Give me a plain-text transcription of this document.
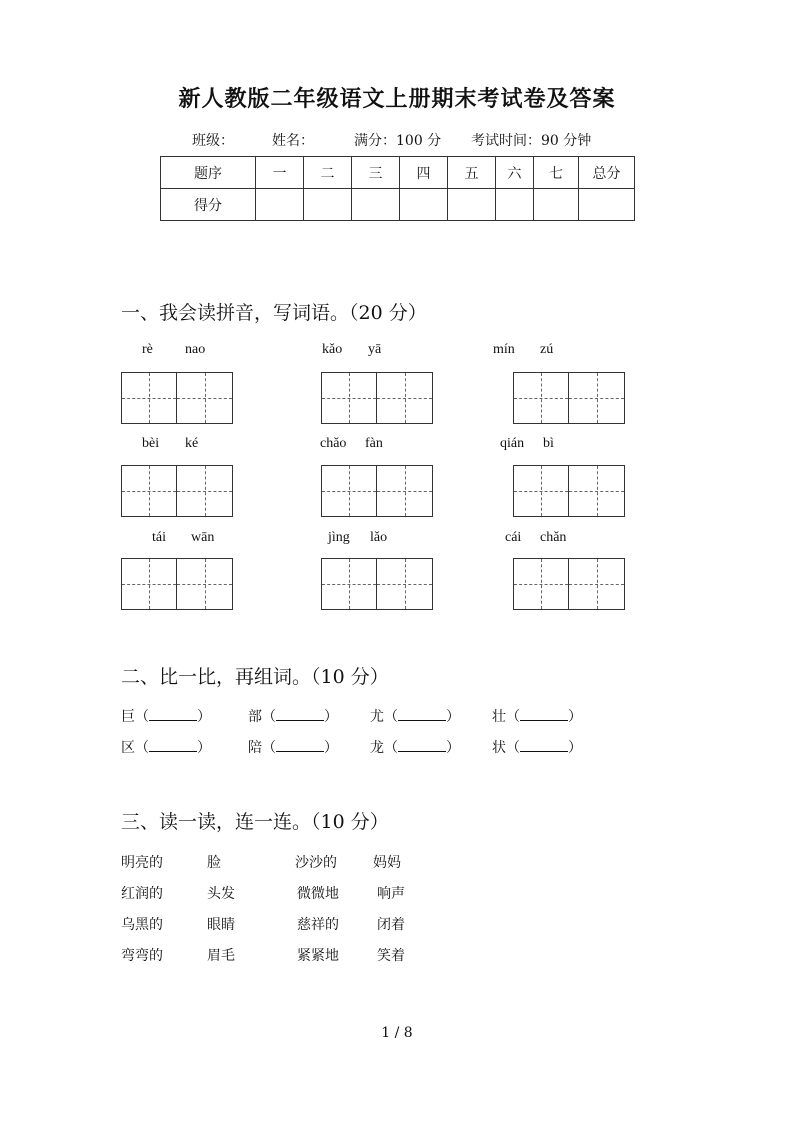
新人教版二年级语文上册期末考试卷及答案
班级：	姓名：	满分：100 分 考试时间：90 分钟
题序	一	二	三	四	五	六	七	总分
得分								
一、我会读拼音，写词语。（20 分）
rè nao	kǎo yā	mín zú
bèi ké	chǎo fàn	qián bì
tái wān	jìng lǎo	cái chǎn
二、比一比，再组词。（10 分）
巨（	）	部（	） 尤（	） 壮（	）
区（	）	陪（	） 龙（	） 状（	）
三、读一读，连一连。（10 分）
明亮的	脸	沙沙的	妈妈
红润的	头发	微微地	响声
乌黑的	眼睛	慈祥的	闭着
弯弯的	眉毛	紧紧地	笑着
1 / 8
